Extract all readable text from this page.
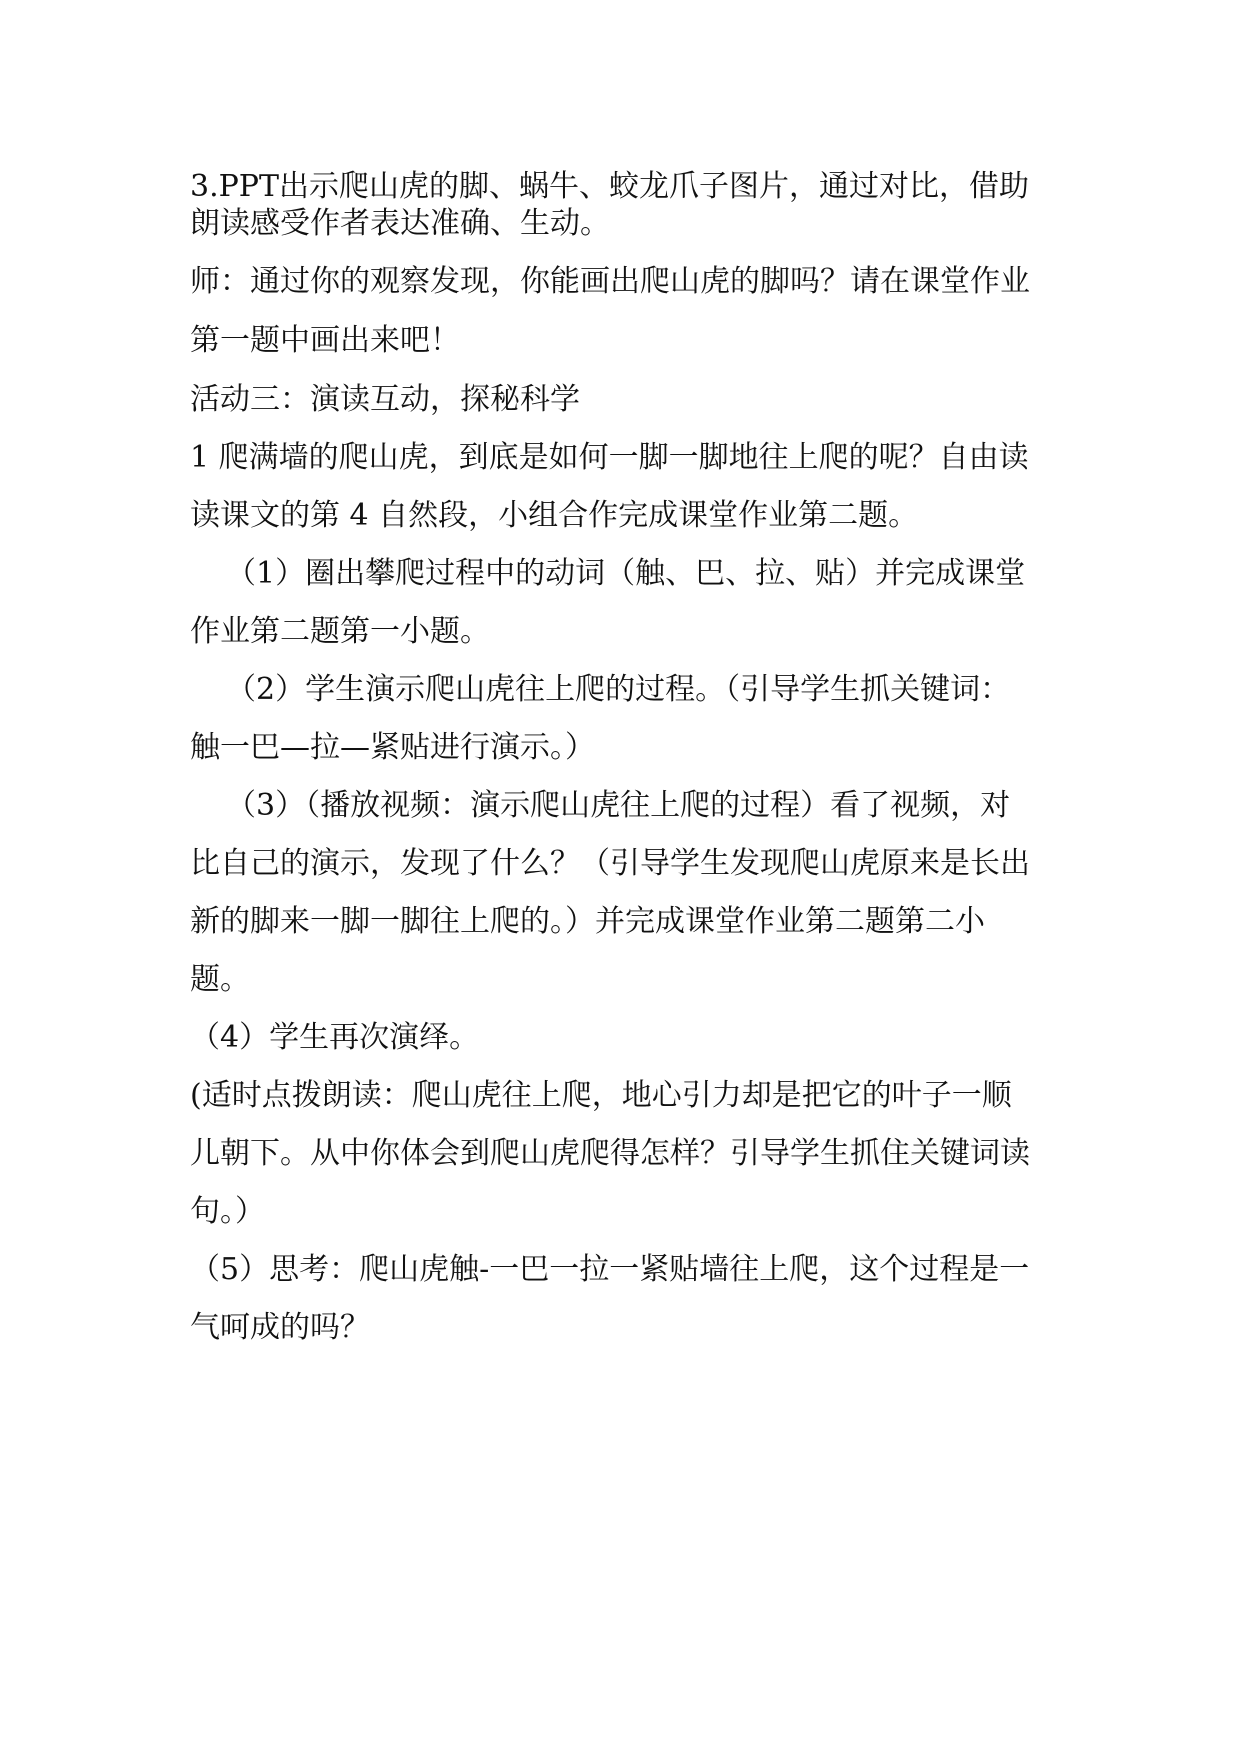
3.PPT出示爬山虎的脚、蜗牛、蛟龙爪子图片，通过对比，借助
朗读感受作者表达准确、生动。
师：通过你的观察发现，你能画出爬山虎的脚吗？请在课堂作业
第一题中画出来吧！
活动三：演读互动，探秘科学
1 爬满墙的爬山虎，到底是如何一脚一脚地往上爬的呢？自由读
读课文的第 4 自然段，小组合作完成课堂作业第二题。
（1）圈出攀爬过程中的动词（触、巴、拉、贴）并完成课堂
作业第二题第一小题。
（2）学生演示爬山虎往上爬的过程。（引导学生抓关键词：
触一巴—拉—紧贴进行演示。）
（3）（播放视频：演示爬山虎往上爬的过程）看了视频，对
比自己的演示，发现了什么？（引导学生发现爬山虎原来是长出
新的脚来一脚一脚往上爬的。）并完成课堂作业第二题第二小
题。
（4）学生再次演绎。
(适时点拨朗读：爬山虎往上爬，地心引力却是把它的叶子一顺
儿朝下。从中你体会到爬山虎爬得怎样？引导学生抓住关键词读
句。）
（5）思考：爬山虎触-一巴一拉一紧贴墙往上爬，这个过程是一
气呵成的吗？
